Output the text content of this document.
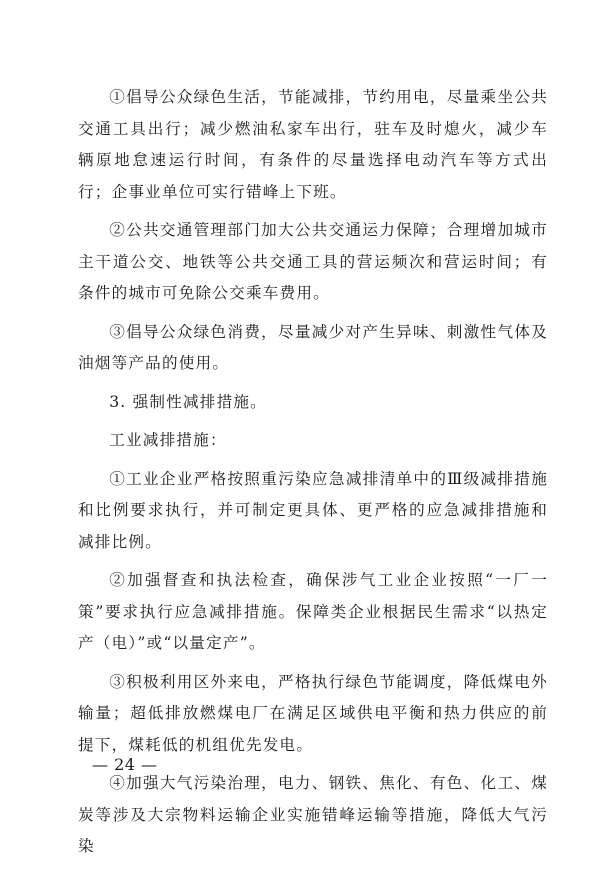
①倡导公众绿色生活，节能减排，节约用电，尽量乘坐公共交通工具出行；减少燃油私家车出行，驻车及时熄火，减少车辆原地怠速运行时间，有条件的尽量选择电动汽车等方式出行；企事业单位可实行错峰上下班。

②公共交通管理部门加大公共交通运力保障；合理增加城市主干道公交、地铁等公共交通工具的营运频次和营运时间；有条件的城市可免除公交乘车费用。

③倡导公众绿色消费，尽量减少对产生异味、刺激性气体及油烟等产品的使用。

3. 强制性减排措施。

工业减排措施：

①工业企业严格按照重污染应急减排清单中的Ⅲ级减排措施和比例要求执行，并可制定更具体、更严格的应急减排措施和减排比例。

②加强督查和执法检查，确保涉气工业企业按照“一厂一策”要求执行应急减排措施。保障类企业根据民生需求“以热定产（电）”或“以量定产”。

③积极利用区外来电，严格执行绿色节能调度，降低煤电外输量；超低排放燃煤电厂在满足区域供电平衡和热力供应的前提下，煤耗低的机组优先发电。

④加强大气污染治理，电力、钢铁、焦化、有色、化工、煤炭等涉及大宗物料运输企业实施错峰运输等措施，降低大气污染

— 24 —
